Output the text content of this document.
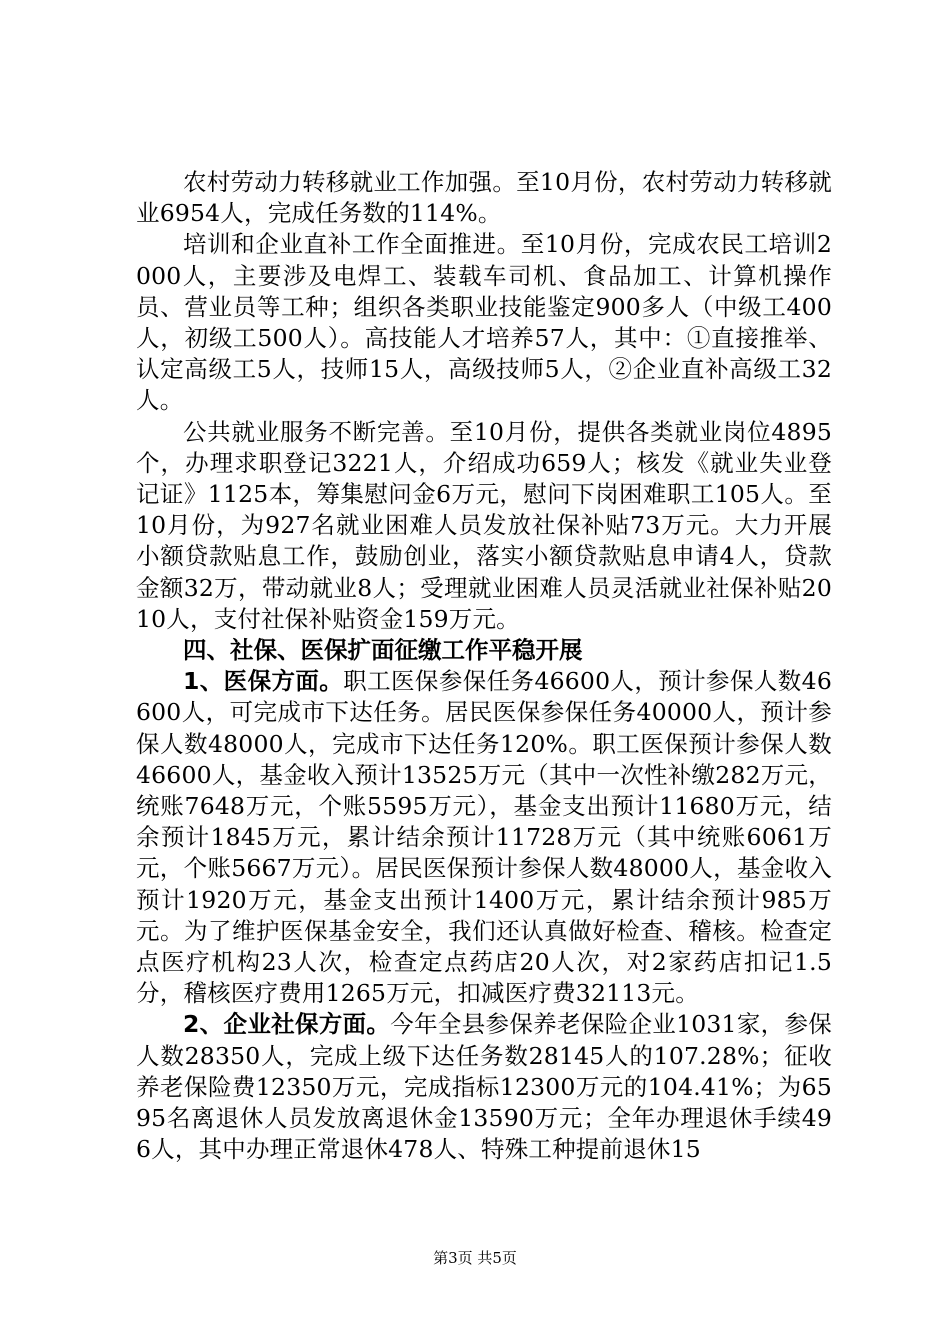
农村劳动力转移就业工作加强。至10月份，农村劳动力转移就业6954人，完成任务数的114%。

培训和企业直补工作全面推进。至10月份，完成农民工培训2000人，主要涉及电焊工、装载车司机、食品加工、计算机操作员、营业员等工种；组织各类职业技能鉴定900多人（中级工400人，初级工500人）。高技能人才培养57人，其中：①直接推举、认定高级工5人，技师15人，高级技师5人，②企业直补高级工32人。

公共就业服务不断完善。至10月份，提供各类就业岗位4895个，办理求职登记3221人，介绍成功659人；核发《就业失业登记证》1125本，筹集慰问金6万元，慰问下岗困难职工105人。至10月份，为927名就业困难人员发放社保补贴73万元。大力开展小额贷款贴息工作，鼓励创业，落实小额贷款贴息申请4人，贷款金额32万，带动就业8人；受理就业困难人员灵活就业社保补贴2010人，支付社保补贴资金159万元。

四、社保、医保扩面征缴工作平稳开展

1、医保方面。职工医保参保任务46600人，预计参保人数46600人，可完成市下达任务。居民医保参保任务40000人，预计参保人数48000人，完成市下达任务120%。职工医保预计参保人数46600人，基金收入预计13525万元（其中一次性补缴282万元，统账7648万元，个账5595万元），基金支出预计11680万元，结余预计1845万元，累计结余预计11728万元（其中统账6061万元，个账5667万元）。居民医保预计参保人数48000人，基金收入预计1920万元，基金支出预计1400万元，累计结余预计985万元。为了维护医保基金安全，我们还认真做好检查、稽核。检查定点医疗机构23人次，检查定点药店20人次，对2家药店扣记1.5分，稽核医疗费用1265万元，扣减医疗费32113元。

2、企业社保方面。今年全县参保养老保险企业1031家，参保人数28350人，完成上级下达任务数28145人的107.28%；征收养老保险费12350万元，完成指标12300万元的104.41%；为6595名离退休人员发放离退休金13590万元；全年办理退休手续496人，其中办理正常退休478人、特殊工种提前退休15

第3页 共5页
